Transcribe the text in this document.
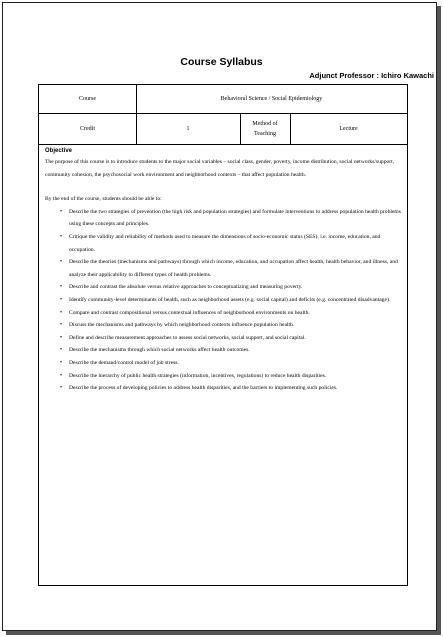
Course Syllabus
Adjunct Professor : Ichiro Kawachi
Course	Behavioral Science / Social Epidemiology
Credit	1
Method of
Teaching
Lecture
Objective

The purpose of this course is to introduce students to the major social variables – social class, gender, poverty, income distribution, social networks/support, community cohesion, the psychosocial work environment and neighborhood contexts – that affect population health.

By the end of the course, students should be able to:

• Describe the two strategies of prevention (the high risk and population strategies) and formulate interventions to address population health problems using these concepts and principles.
• Critique the validity and reliability of methods used to measure the dimensions of socio-economic status (SES), i.e. income, education, and occupation.
• Describe the theories (mechanisms and pathways) through which income, education, and occupation affect health, health behavior, and illness, and analyze their applicability to different types of health problems.
• Describe and contrast the absolute versus relative approaches to conceptualizing and measuring poverty.
• Identify community-level determinants of health, such as neighborhood assets (e.g. social capital) and deficits (e.g. concentrated disadvantage).
• Compare and contrast compositional versus contextual influences of neighborhood environments on health.
• Discuss the mechanisms and pathways by which neighborhood contexts influence population health.
• Define and describe measurement approaches to assess social networks, social support, and social capital.
• Describe the mechanisms through which social networks affect health outcomes.
• Describe the demand/control model of job stress.
• Describe the hierarchy of public health strategies (information, incentives, regulations) to reduce health disparities.
• Describe the process of developing policies to address health disparities, and the barriers to implementing such policies.
